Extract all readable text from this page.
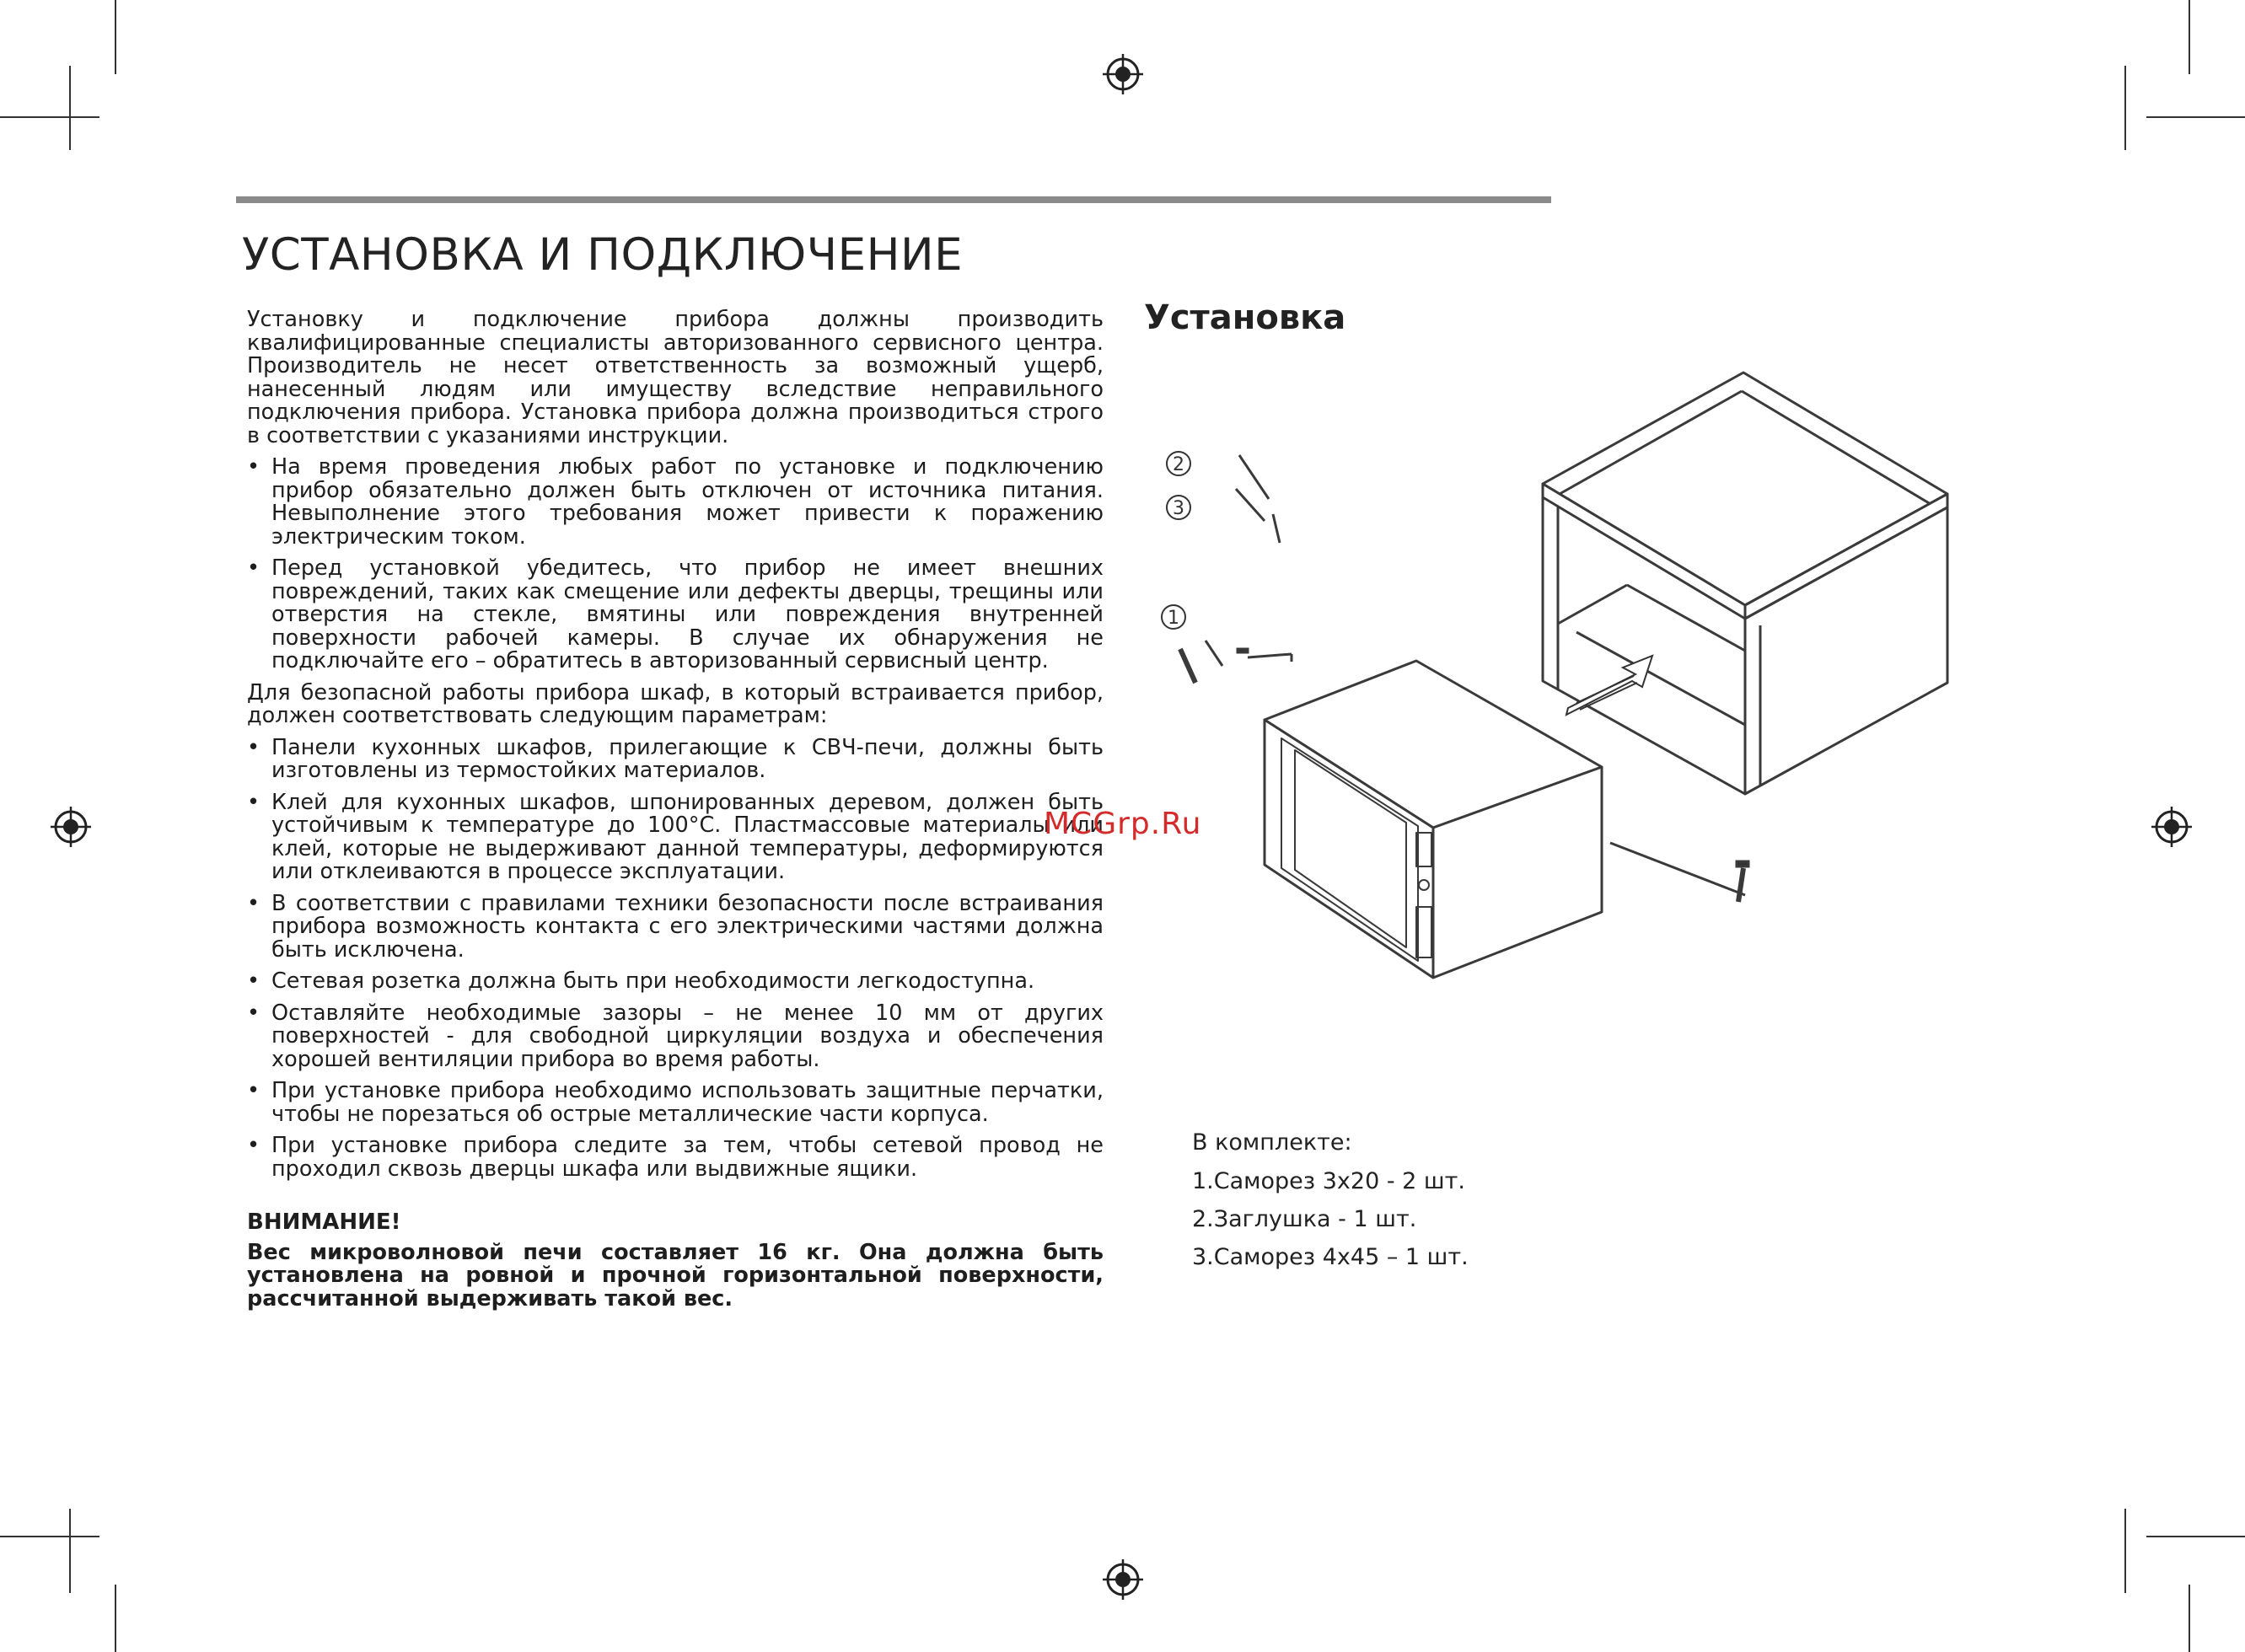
УСТАНОВКА И ПОДКЛЮЧЕНИЕ

Установку и подключение прибора должны производить квалифицированные специалисты авторизованного сервисного центра. Производитель не несет ответственность за возможный ущерб, нанесенный людям или имуществу вследствие неправильного подключения прибора. Установка прибора должна производиться строго в соответствии с указаниями инструкции.

• На время проведения любых работ по установке и подключению прибор обязательно должен быть отключен от источника питания. Невыполнение этого требования может привести к поражению электрическим током.
• Перед установкой убедитесь, что прибор не имеет внешних повреждений, таких как смещение или дефекты дверцы, трещины или отверстия на стекле, вмятины или повреждения внутренней поверхности рабочей камеры. В случае их обнаружения не подключайте его – обратитесь в авторизованный сервисный центр.

Для безопасной работы прибора шкаф, в который встраивается прибор, должен соответствовать следующим параметрам:

• Панели кухонных шкафов, прилегающие к СВЧ-печи, должны быть изготовлены из термостойких материалов.
• Клей для кухонных шкафов, шпонированных деревом, должен быть устойчивым к температуре до 100°С. Пластмассовые материалы или клей, которые не выдерживают данной температуры, деформируются или отклеиваются в процессе эксплуатации.
• В соответствии с правилами техники безопасности после встраивания прибора возможность контакта с его электрическими частями должна быть исключена.
• Сетевая розетка должна быть при необходимости легкодоступна.
• Оставляйте необходимые зазоры – не менее 10 мм от других поверхностей - для свободной циркуляции воздуха и обеспечения хорошей вентиляции прибора во время работы.
• При установке прибора необходимо использовать защитные перчатки, чтобы не порезаться об острые металлические части корпуса.
• При установке прибора следите за тем, чтобы сетевой провод не проходил сквозь дверцы шкафа или выдвижные ящики.

ВНИМАНИЕ!

Вес микроволновой печи составляет 16 кг. Она должна быть установлена на ровной и прочной горизонтальной поверхности, рассчитанной выдерживать такой вес.

Установка
2
3
1

В комплекте:

1.Саморез 3х20 - 2 шт.
2.Заглушка - 1 шт.
3.Саморез 4х45 – 1 шт.
MCGrp.Ru
